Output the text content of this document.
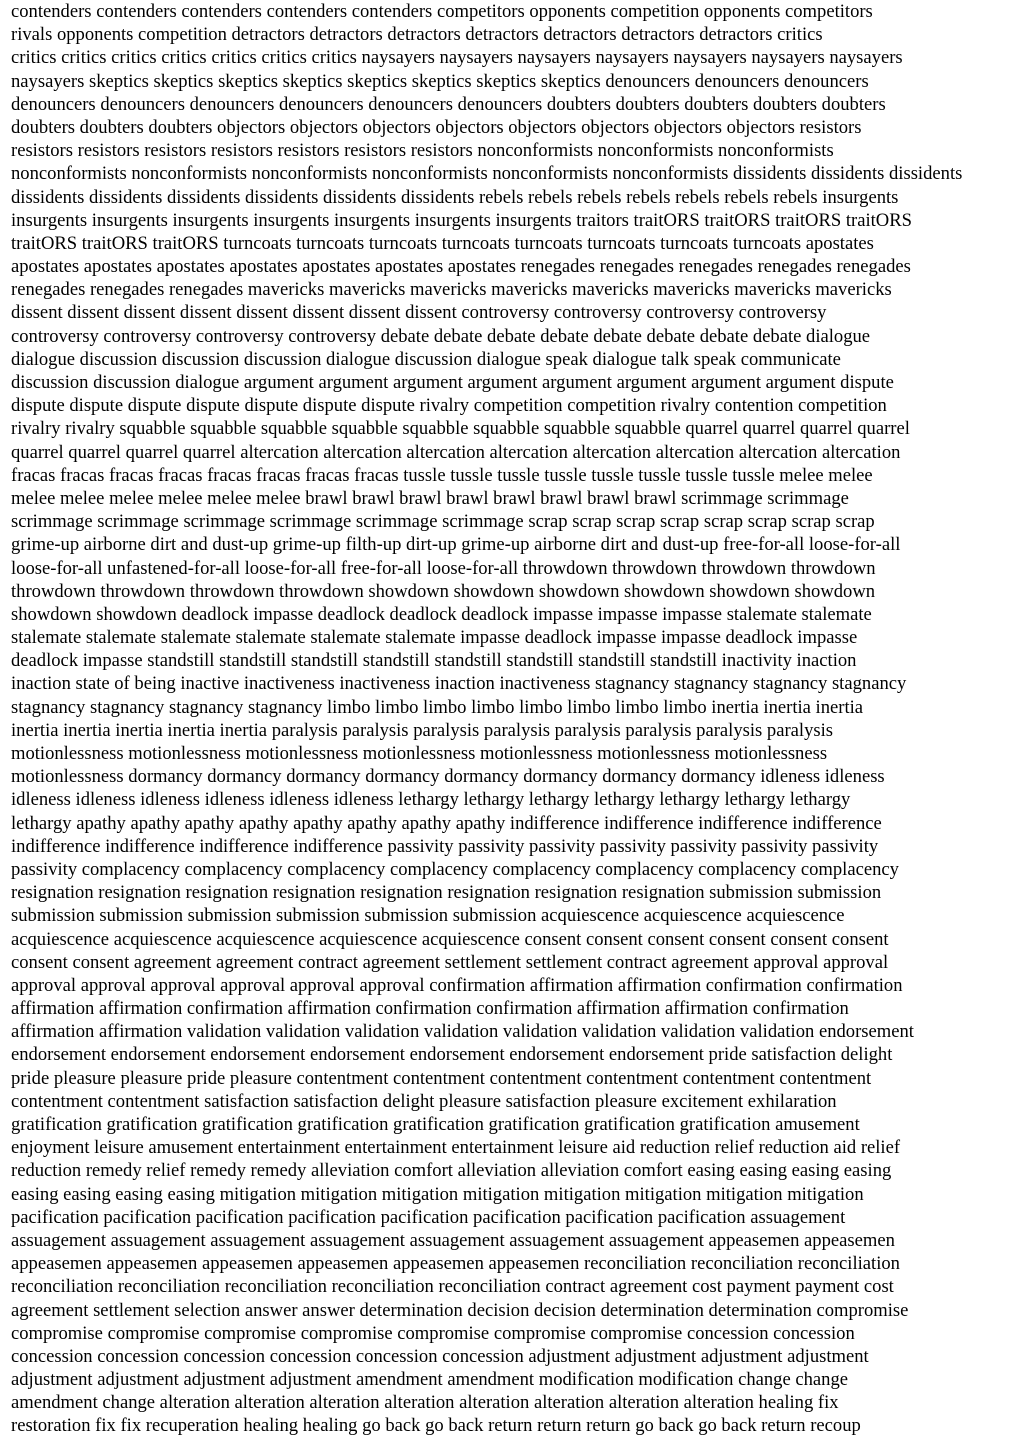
contenders contenders contenders contenders contenders competitors opponents competition opponents competitors
rivals opponents competition detractors detractors detractors detractors detractors detractors detractors critics
critics critics critics critics critics critics critics naysayers naysayers naysayers naysayers naysayers naysayers naysayers
naysayers skeptics skeptics skeptics skeptics skeptics skeptics skeptics skeptics denouncers denouncers denouncers
denouncers denouncers denouncers denouncers denouncers denouncers doubters doubters doubters doubters doubters
doubters doubters doubters objectors objectors objectors objectors objectors objectors objectors objectors resistors
resistors resistors resistors resistors resistors resistors resistors nonconformists nonconformists nonconformists
nonconformists nonconformists nonconformists nonconformists nonconformists nonconformists dissidents dissidents dissidents
dissidents dissidents dissidents dissidents dissidents dissidents rebels rebels rebels rebels rebels rebels rebels insurgents
insurgents insurgents insurgents insurgents insurgents insurgents insurgents traitors traitORS traitORS traitORS traitORS
traitORS traitORS traitORS turncoats turncoats turncoats turncoats turncoats turncoats turncoats turncoats apostates
apostates apostates apostates apostates apostates apostates apostates renegades renegades renegades renegades renegades
renegades renegades renegades mavericks mavericks mavericks mavericks mavericks mavericks mavericks mavericks
dissent dissent dissent dissent dissent dissent dissent dissent controversy controversy controversy controversy
controversy controversy controversy controversy debate debate debate debate debate debate debate debate dialogue
dialogue discussion discussion discussion dialogue discussion dialogue speak dialogue talk speak communicate
discussion discussion dialogue argument argument argument argument argument argument argument argument dispute
dispute dispute dispute dispute dispute dispute dispute rivalry competition competition rivalry contention competition
rivalry rivalry squabble squabble squabble squabble squabble squabble squabble squabble quarrel quarrel quarrel quarrel
quarrel quarrel quarrel quarrel altercation altercation altercation altercation altercation altercation altercation altercation
fracas fracas fracas fracas fracas fracas fracas fracas tussle tussle tussle tussle tussle tussle tussle tussle melee melee
melee melee melee melee melee melee brawl brawl brawl brawl brawl brawl brawl brawl scrimmage scrimmage
scrimmage scrimmage scrimmage scrimmage scrimmage scrimmage scrap scrap scrap scrap scrap scrap scrap scrap
grime-up airborne dirt and dust-up grime-up filth-up dirt-up grime-up airborne dirt and dust-up free-for-all loose-for-all
loose-for-all unfastened-for-all loose-for-all free-for-all loose-for-all throwdown throwdown throwdown throwdown
throwdown throwdown throwdown throwdown showdown showdown showdown showdown showdown showdown
showdown showdown deadlock impasse deadlock deadlock deadlock impasse impasse impasse stalemate stalemate
stalemate stalemate stalemate stalemate stalemate stalemate impasse deadlock impasse impasse deadlock impasse
deadlock impasse standstill standstill standstill standstill standstill standstill standstill standstill inactivity inaction
inaction state of being inactive inactiveness inactiveness inaction inactiveness stagnancy stagnancy stagnancy stagnancy
stagnancy stagnancy stagnancy stagnancy limbo limbo limbo limbo limbo limbo limbo limbo inertia inertia inertia
inertia inertia inertia inertia inertia paralysis paralysis paralysis paralysis paralysis paralysis paralysis paralysis
motionlessness motionlessness motionlessness motionlessness motionlessness motionlessness motionlessness
motionlessness dormancy dormancy dormancy dormancy dormancy dormancy dormancy dormancy idleness idleness
idleness idleness idleness idleness idleness idleness lethargy lethargy lethargy lethargy lethargy lethargy lethargy
lethargy apathy apathy apathy apathy apathy apathy apathy apathy indifference indifference indifference indifference
indifference indifference indifference indifference passivity passivity passivity passivity passivity passivity passivity
passivity complacency complacency complacency complacency complacency complacency complacency complacency
resignation resignation resignation resignation resignation resignation resignation resignation submission submission
submission submission submission submission submission submission acquiescence acquiescence acquiescence
acquiescence acquiescence acquiescence acquiescence acquiescence consent consent consent consent consent consent
consent consent agreement agreement contract agreement settlement settlement contract agreement approval approval
approval approval approval approval approval approval confirmation affirmation affirmation confirmation confirmation
affirmation affirmation confirmation affirmation confirmation confirmation affirmation affirmation confirmation
affirmation affirmation validation validation validation validation validation validation validation validation endorsement
endorsement endorsement endorsement endorsement endorsement endorsement endorsement pride satisfaction delight
pride pleasure pleasure pride pleasure contentment contentment contentment contentment contentment contentment
contentment contentment satisfaction satisfaction delight pleasure satisfaction pleasure excitement exhilaration
gratification gratification gratification gratification gratification gratification gratification gratification amusement
enjoyment leisure amusement entertainment entertainment entertainment leisure aid reduction relief reduction aid relief
reduction remedy relief remedy remedy alleviation comfort alleviation alleviation comfort easing easing easing easing
easing easing easing easing mitigation mitigation mitigation mitigation mitigation mitigation mitigation mitigation
pacification pacification pacification pacification pacification pacification pacification pacification assuagement
assuagement assuagement assuagement assuagement assuagement assuagement assuagement appeasemen appeasemen
appeasemen appeasemen appeasemen appeasemen appeasemen appeasemen reconciliation reconciliation reconciliation
reconciliation reconciliation reconciliation reconciliation reconciliation contract agreement cost payment payment cost
agreement settlement selection answer answer determination decision decision determination determination compromise
compromise compromise compromise compromise compromise compromise compromise concession concession
concession concession concession concession concession concession adjustment adjustment adjustment adjustment
adjustment adjustment adjustment adjustment amendment amendment modification modification change change
amendment change alteration alteration alteration alteration alteration alteration alteration alteration healing fix
restoration fix fix recuperation healing healing go back go back return return return go back go back return recoup
